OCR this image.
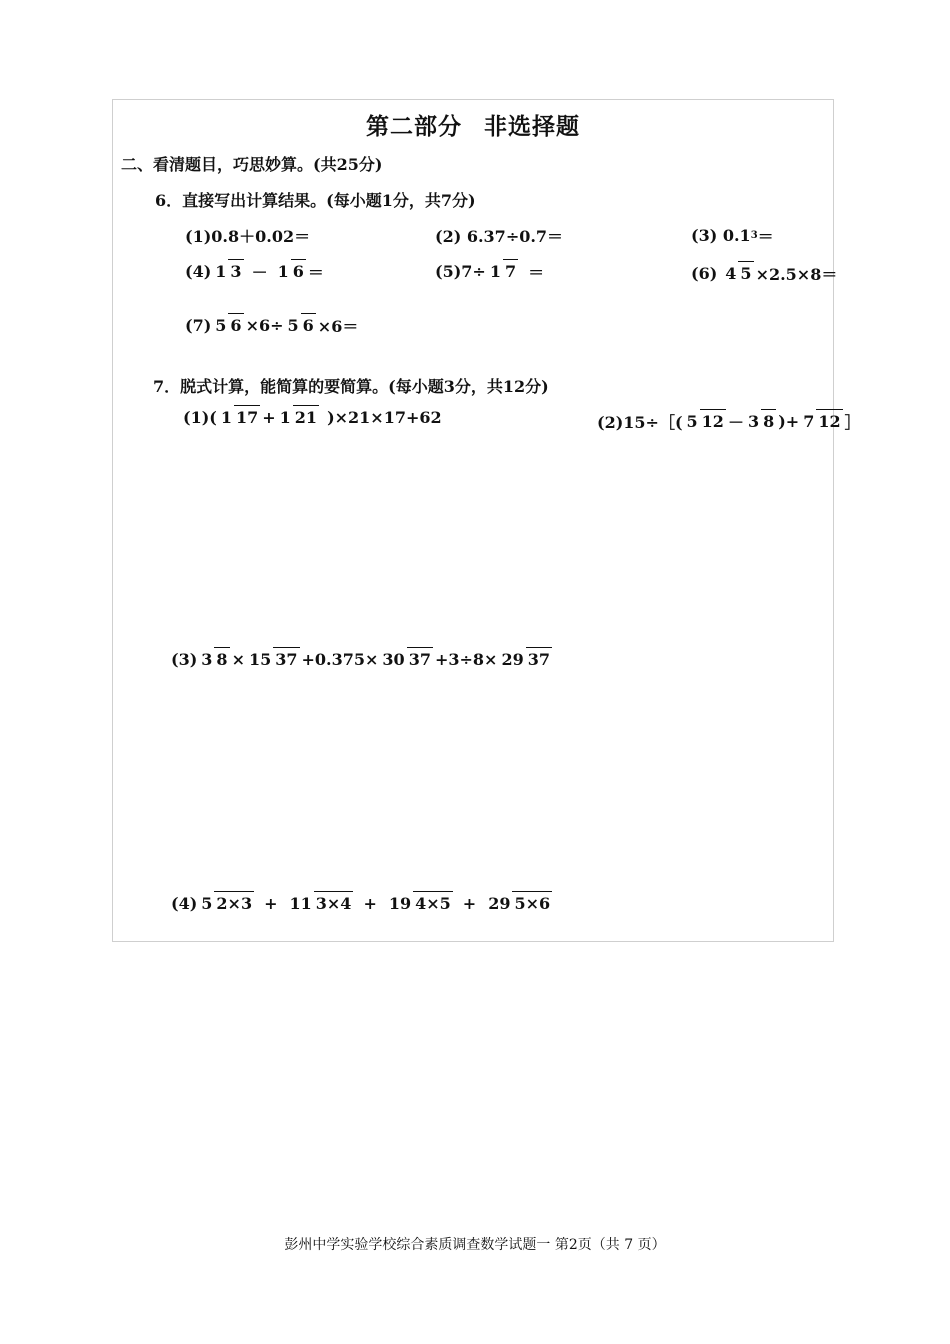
第二部分 非选择题
二、看清题目，巧思妙算。(共25分)
6．直接写出计算结果。(每小题1分，共7分)
(1)0.8＋0.02＝	(2) 6.37÷0.7＝	(3) 0.1 3 ＝
(4) 1 3 － 1 6 ＝	(5)7÷ 1 7 ＝	(6) 4 5 ×2.5×8＝
(7) 5 6 ×6÷ 5 6 ×6＝
7．脱式计算，能简算的要简算。(每小题3分，共12分)
(1)( 1 17 + 1 21 )×21×17+62	(2)15÷［( 5 12 － 3 8 )+ 7 12 ］
(3) 3 8 × 15 37 +0.375× 30 37 +3÷8× 29 37
(4) 5 2×3 + 11 3×4 + 19 4×5 + 29 5×6
彭州中学实验学校综合素质调查数学试题一 第2页（共 7 页）
